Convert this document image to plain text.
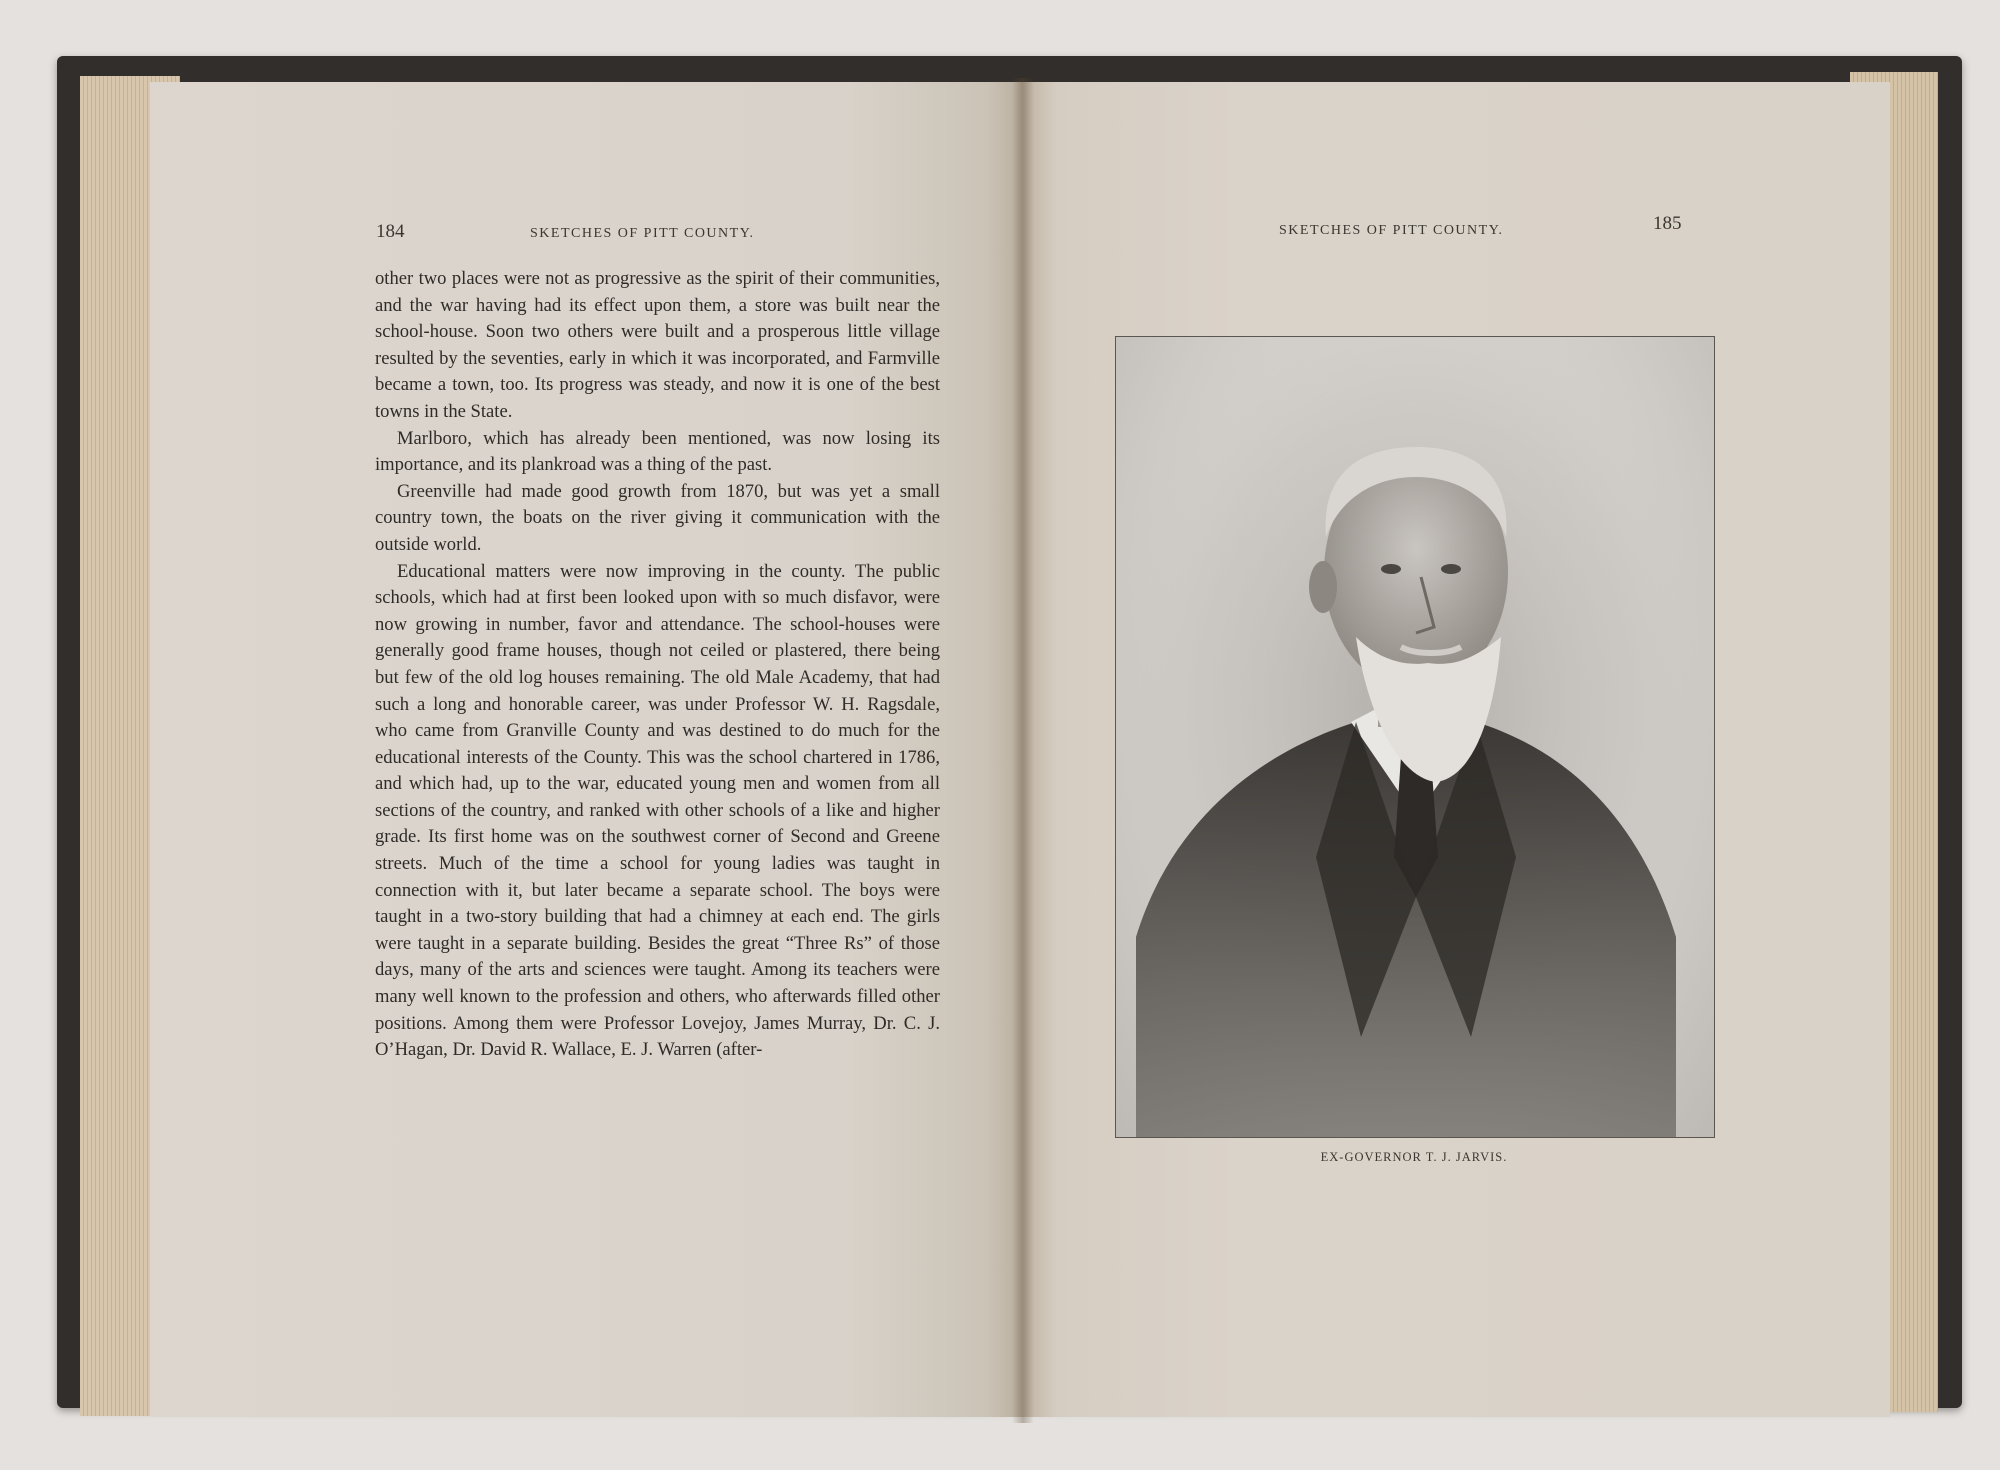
184	SKETCHES OF PITT COUNTY.

other two places were not as progressive as the spirit of their communities, and the war having had its effect upon them, a store was built near the school-house. Soon two others were built and a prosperous little village resulted by the seventies, early in which it was incorporated, and Farmville became a town, too. Its progress was steady, and now it is one of the best towns in the State.

Marlboro, which has already been mentioned, was now losing its importance, and its plankroad was a thing of the past.

Greenville had made good growth from 1870, but was yet a small country town, the boats on the river giving it communication with the outside world.

Educational matters were now improving in the county. The public schools, which had at first been looked upon with so much disfavor, were now growing in number, favor and attendance. The school-houses were generally good frame houses, though not ceiled or plastered, there being but few of the old log houses remaining. The old Male Academy, that had such a long and honorable career, was under Professor W. H. Ragsdale, who came from Granville County and was destined to do much for the educational interests of the County. This was the school chartered in 1786, and which had, up to the war, educated young men and women from all sections of the country, and ranked with other schools of a like and higher grade. Its first home was on the southwest corner of Second and Greene streets. Much of the time a school for young ladies was taught in connection with it, but later became a separate school. The boys were taught in a two-story building that had a chimney at each end. The girls were taught in a separate building. Besides the great “Three Rs” of those days, many of the arts and sciences were taught. Among its teachers were many well known to the profession and others, who afterwards filled other positions. Among them were Professor Lovejoy, James Murray, Dr. C. J. O’Hagan, Dr. David R. Wallace, E. J. Warren (after-

SKETCHES OF PITT COUNTY.	185
EX-GOVERNOR T. J. JARVIS.
